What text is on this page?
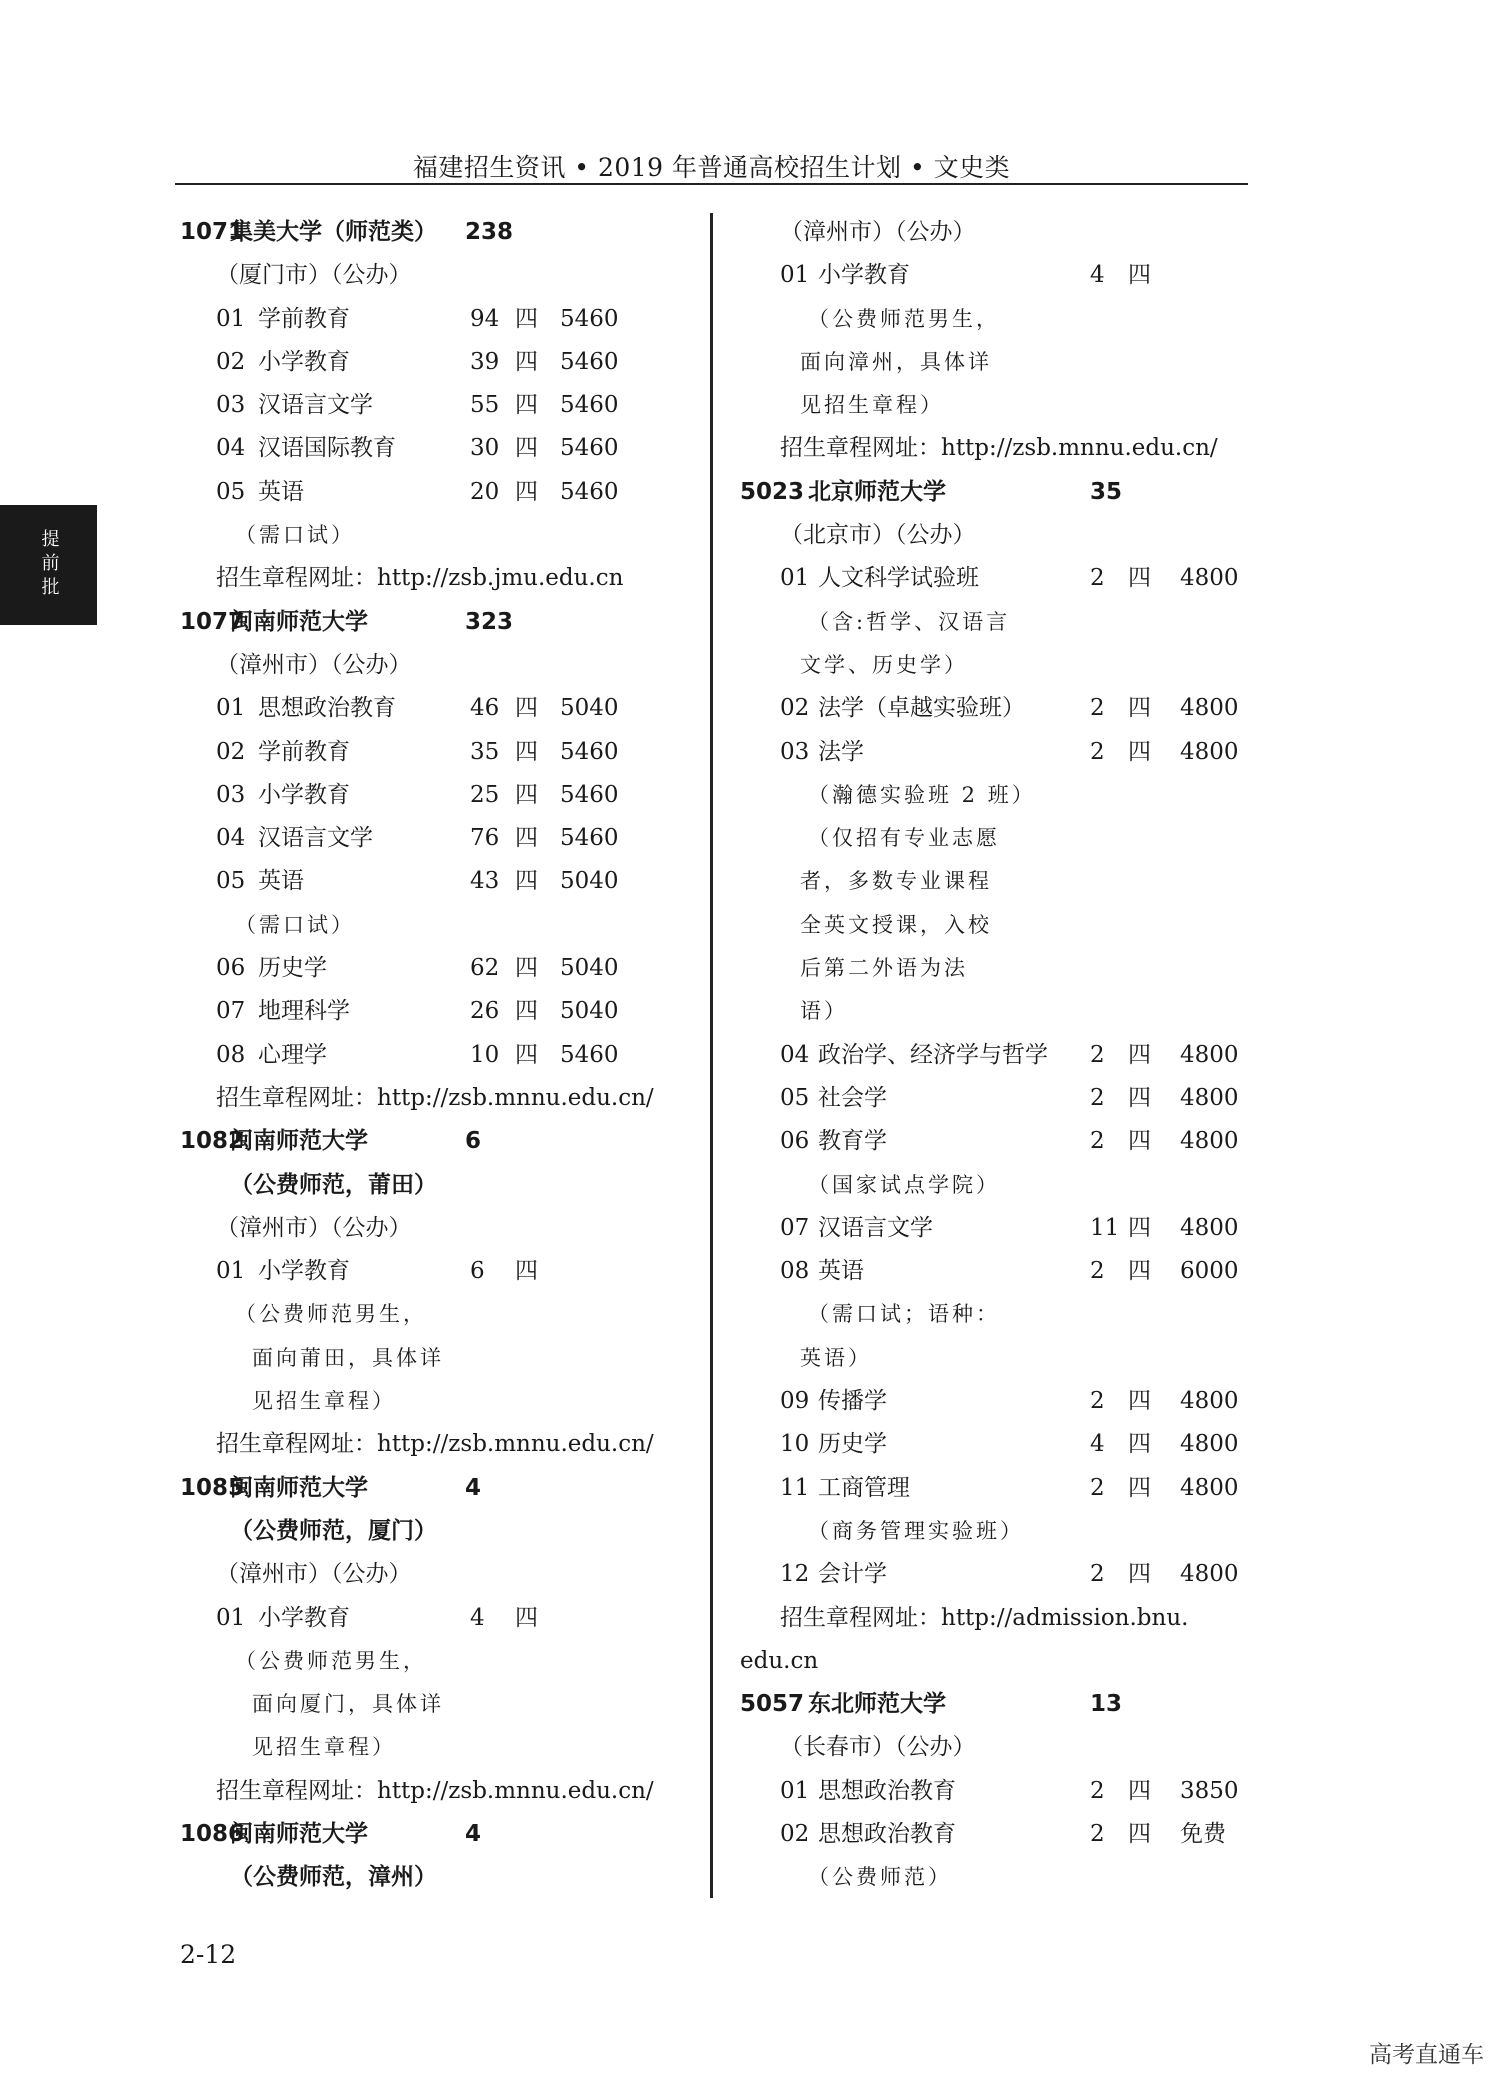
福建招生资讯 • 2019 年普通高校招生计划 • 文史类
提前批
1071
集美大学（师范类） 238
（厦门市）（公办）
01 学前教育	94 四 5460
02 小学教育	39 四 5460
03 汉语言文学	55 四 5460
04 汉语国际教育	30 四 5460
05 英语	20 四 5460
（需口试）
招生章程网址：http://zsb.jmu.edu.cn
1077
闽南师范大学	323
（漳州市）（公办）
01 思想政治教育	46 四 5040
02 学前教育	35 四 5460
03 小学教育	25 四 5460
04 汉语言文学	76 四 5460
05 英语	43 四 5040
（需口试）
06 历史学	62 四 5040
07 地理科学	26 四 5040
08 心理学	10 四 5460
招生章程网址：http://zsb.mnnu.edu.cn/
1082
闽南师范大学	6
（公费师范，莆田）
（漳州市）（公办）
01 小学教育	6 四
（公费师范男生，
面向莆田，具体详
见招生章程）
招生章程网址：http://zsb.mnnu.edu.cn/
1085
闽南师范大学	4
（公费师范，厦门）
（漳州市）（公办）
01 小学教育	4 四
（公费师范男生，
面向厦门，具体详
见招生章程）
招生章程网址：http://zsb.mnnu.edu.cn/
1086
闽南师范大学	4
（公费师范，漳州）
（漳州市）（公办）
01 小学教育	4 四
（公费师范男生，
面向漳州，具体详
见招生章程）
招生章程网址：http://zsb.mnnu.edu.cn/
5023 北京师范大学	35
（北京市）（公办）
01 人文科学试验班	2 四 4800
（含:哲学、汉语言
文学、历史学）
02 法学（卓越实验班）	2 四 4800
03 法学	2 四 4800
（瀚德实验班 2 班）
（仅招有专业志愿
者，多数专业课程
全英文授课，入校
后第二外语为法
语）
04 政治学、经济学与哲学 2 四 4800
05 社会学	2 四 4800
06 教育学	2 四 4800
（国家试点学院）
07 汉语言文学	11 四 4800
08 英语	2 四 6000
（需口试；语种：
英语）
09 传播学	2 四 4800
10 历史学	4 四 4800
11 工商管理	2 四 4800
（商务管理实验班）
12 会计学	2 四 4800
招生章程网址：http://admission.bnu.
edu.cn
5057 东北师范大学	13
（长春市）（公办）
01 思想政治教育	2 四 3850
02 思想政治教育	2 四 免费
（公费师范）
2-12
高考直通车
